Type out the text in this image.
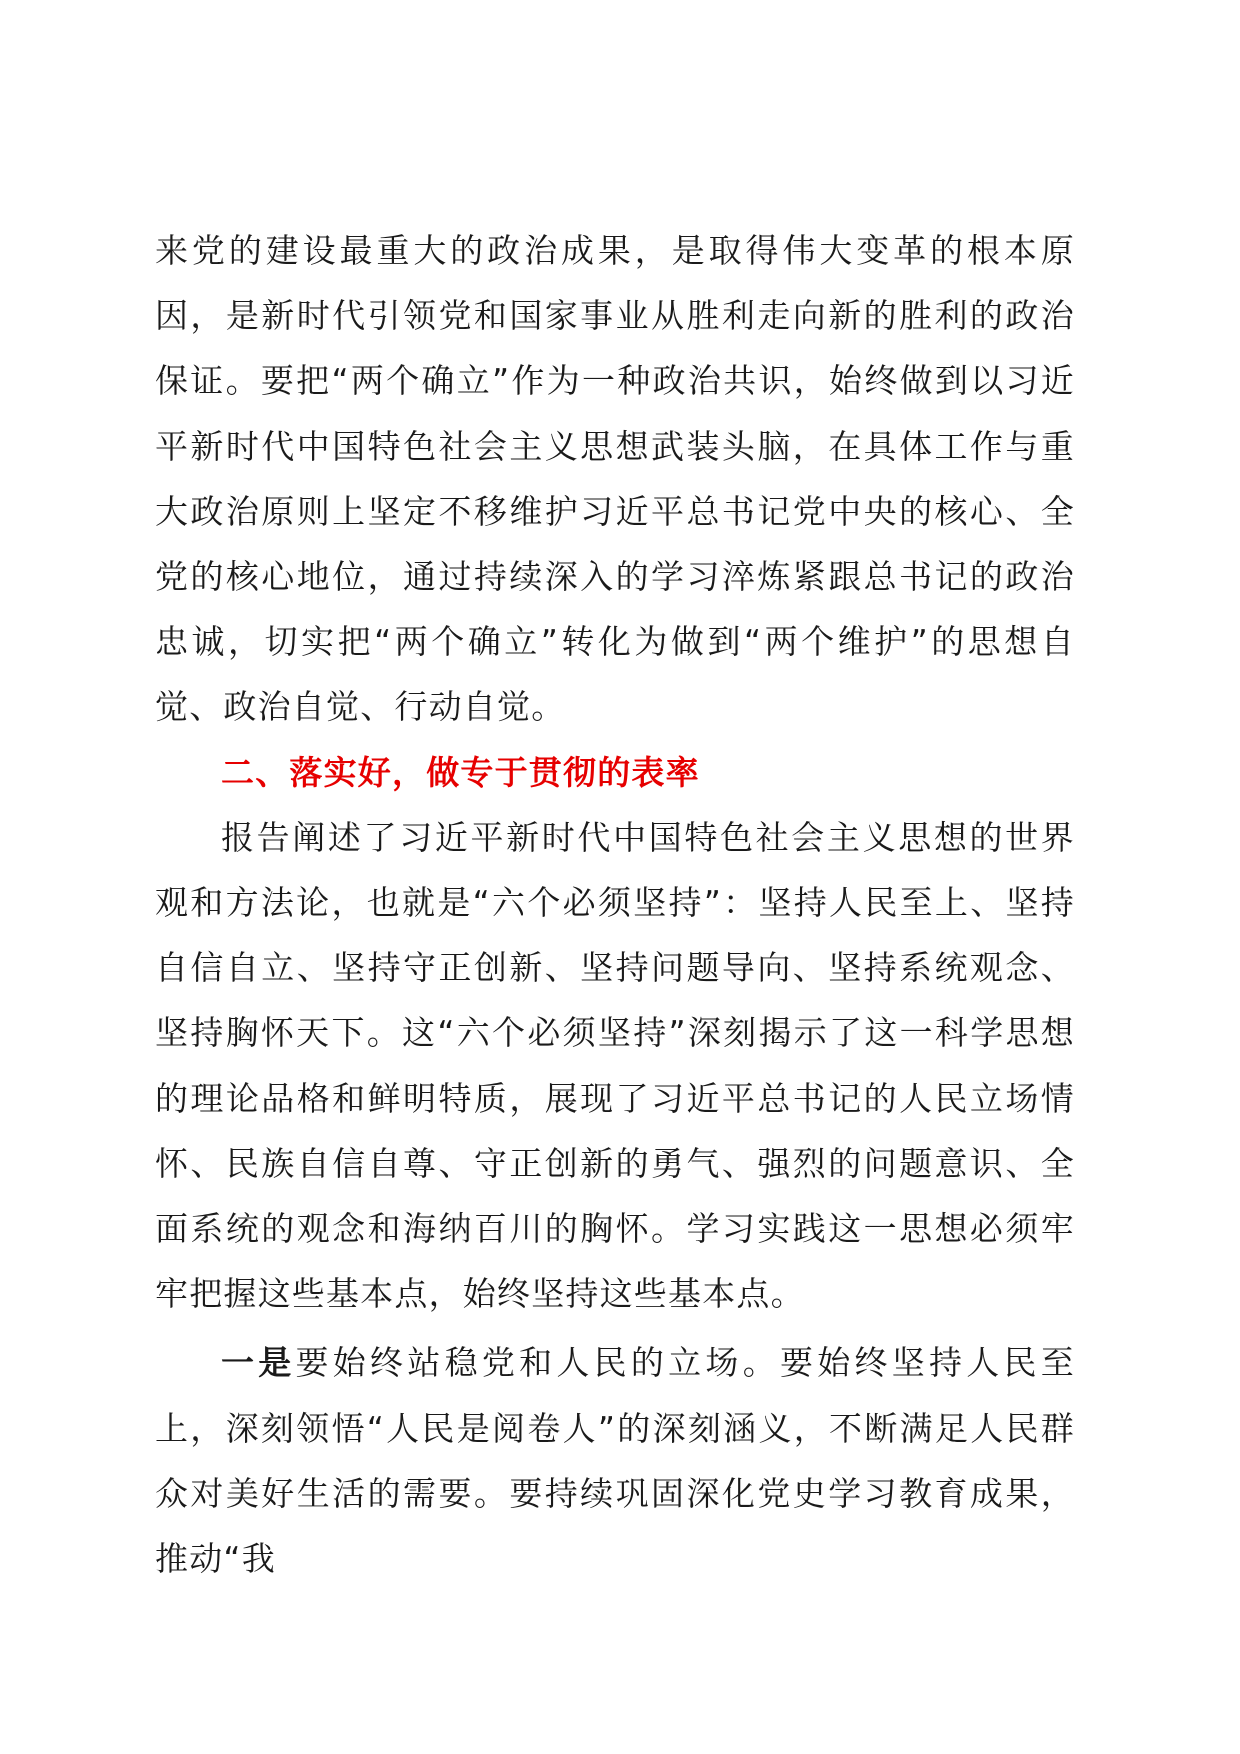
来党的建设最重大的政治成果，是取得伟大变革的根本原因，是新时代引领党和国家事业从胜利走向新的胜利的政治保证。要把“两个确立”作为一种政治共识，始终做到以习近平新时代中国特色社会主义思想武装头脑，在具体工作与重大政治原则上坚定不移维护习近平总书记党中央的核心、全党的核心地位，通过持续深入的学习淬炼紧跟总书记的政治忠诚，切实把“两个确立”转化为做到“两个维护”的思想自觉、政治自觉、行动自觉。

二、落实好，做专于贯彻的表率

报告阐述了习近平新时代中国特色社会主义思想的世界观和方法论，也就是“六个必须坚持”：坚持人民至上、坚持自信自立、坚持守正创新、坚持问题导向、坚持系统观念、坚持胸怀天下。这“六个必须坚持”深刻揭示了这一科学思想的理论品格和鲜明特质，展现了习近平总书记的人民立场情怀、民族自信自尊、守正创新的勇气、强烈的问题意识、全面系统的观念和海纳百川的胸怀。学习实践这一思想必须牢牢把握这些基本点，始终坚持这些基本点。

一是要始终站稳党和人民的立场。要始终坚持人民至上，深刻领悟“人民是阅卷人”的深刻涵义，不断满足人民群众对美好生活的需要。要持续巩固深化党史学习教育成果，推动“我
